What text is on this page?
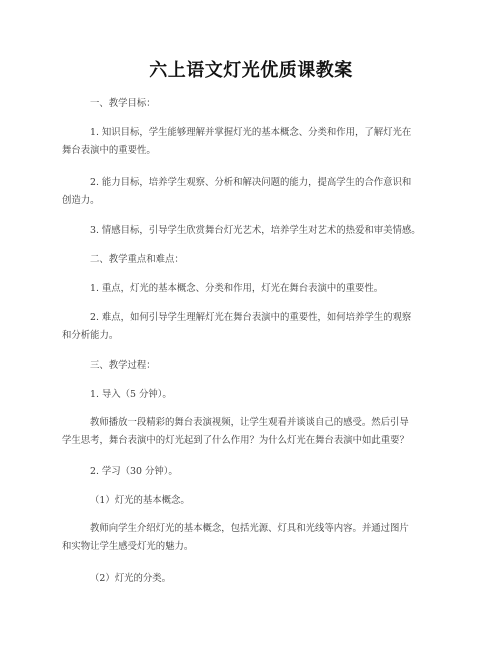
六上语文灯光优质课教案
一、教学目标：
1. 知识目标，学生能够理解并掌握灯光的基本概念、分类和作用，了解灯光在
舞台表演中的重要性。
2. 能力目标，培养学生观察、分析和解决问题的能力，提高学生的合作意识和
创造力。
3. 情感目标，引导学生欣赏舞台灯光艺术，培养学生对艺术的热爱和审美情感。
二、教学重点和难点：
1. 重点，灯光的基本概念、分类和作用，灯光在舞台表演中的重要性。
2. 难点，如何引导学生理解灯光在舞台表演中的重要性，如何培养学生的观察
和分析能力。
三、教学过程：
1. 导入（5 分钟）。
教师播放一段精彩的舞台表演视频，让学生观看并谈谈自己的感受。然后引导
学生思考，舞台表演中的灯光起到了什么作用？为什么灯光在舞台表演中如此重要？
2. 学习（30 分钟）。
（1）灯光的基本概念。
教师向学生介绍灯光的基本概念，包括光源、灯具和光线等内容。并通过图片
和实物让学生感受灯光的魅力。
（2）灯光的分类。
